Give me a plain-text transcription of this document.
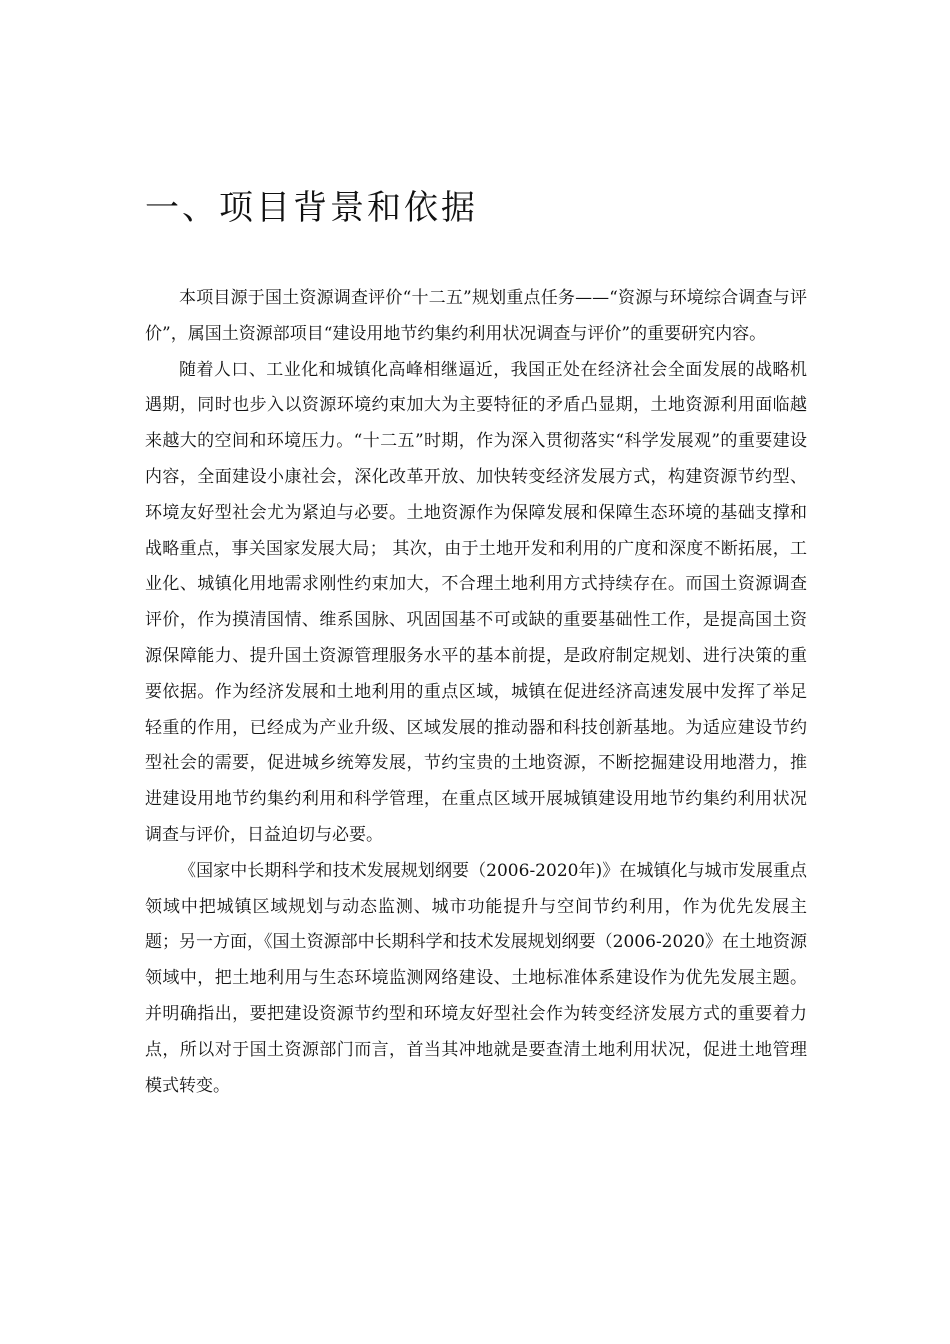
一、项目背景和依据

本项目源于国土资源调查评价“十二五”规划重点任务——“资源与环境综合调查与评价”，属国土资源部项目“建设用地节约集约利用状况调查与评价”的重要研究内容。

随着人口、工业化和城镇化高峰相继逼近，我国正处在经济社会全面发展的战略机遇期，同时也步入以资源环境约束加大为主要特征的矛盾凸显期，土地资源利用面临越来越大的空间和环境压力。“十二五”时期，作为深入贯彻落实“科学发展观”的重要建设内容，全面建设小康社会，深化改革开放、加快转变经济发展方式，构建资源节约型、环境友好型社会尤为紧迫与必要。土地资源作为保障发展和保障生态环境的基础支撑和战略重点，事关国家发展大局； 其次，由于土地开发和利用的广度和深度不断拓展，工业化、城镇化用地需求刚性约束加大，不合理土地利用方式持续存在。而国土资源调查评价，作为摸清国情、维系国脉、巩固国基不可或缺的重要基础性工作，是提高国土资源保障能力、提升国土资源管理服务水平的基本前提，是政府制定规划、进行决策的重要依据。作为经济发展和土地利用的重点区域，城镇在促进经济高速发展中发挥了举足轻重的作用，已经成为产业升级、区域发展的推动器和科技创新基地。为适应建设节约型社会的需要，促进城乡统筹发展，节约宝贵的土地资源，不断挖掘建设用地潜力，推进建设用地节约集约利用和科学管理，在重点区域开展城镇建设用地节约集约利用状况调查与评价，日益迫切与必要。

《国家中长期科学和技术发展规划纲要（2006-2020年)》在城镇化与城市发展重点领域中把城镇区域规划与动态监测、城市功能提升与空间节约利用，作为优先发展主题；另一方面，《国土资源部中长期科学和技术发展规划纲要（2006-2020》在土地资源领域中，把土地利用与生态环境监测网络建设、土地标准体系建设作为优先发展主题。并明确指出，要把建设资源节约型和环境友好型社会作为转变经济发展方式的重要着力点，所以对于国土资源部门而言，首当其冲地就是要查清土地利用状况，促进土地管理模式转变。
